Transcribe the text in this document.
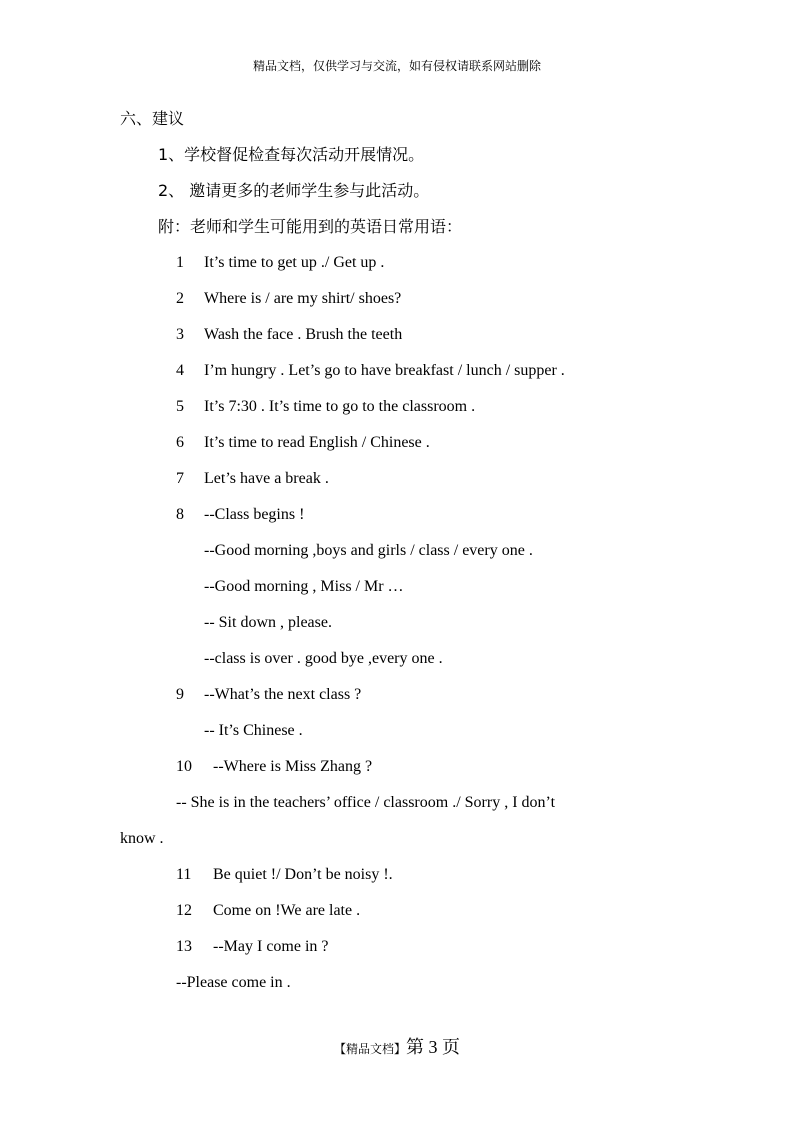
精品文档，仅供学习与交流，如有侵权请联系网站删除
六、建议
1、学校督促检查每次活动开展情况。
2、 邀请更多的老师学生参与此活动。
附：老师和学生可能用到的英语日常用语：
1 It’s time to get up ./ Get up .
2 Where is / are my shirt/ shoes?
3 Wash the face . Brush the teeth
4 I’m hungry . Let’s go to have breakfast / lunch / supper .
5 It’s 7:30 . It’s time to go to the classroom .
6 It’s time to read English / Chinese .
7 Let’s have a break .
8 --Class begins !
--Good morning ,boys and girls / class / every one .
--Good morning , Miss / Mr …
-- Sit down , please.
--class is over . good bye ,every one .
9 --What’s the next class ?
-- It’s Chinese .
10 --Where is Miss Zhang ?
-- She is in the teachers’ office / classroom ./ Sorry , I don’t
know .
11 Be quiet !/ Don’t be noisy !.
12 Come on !We are late .
13 --May I come in ?
--Please come in .
【精品文档】第 3 页
